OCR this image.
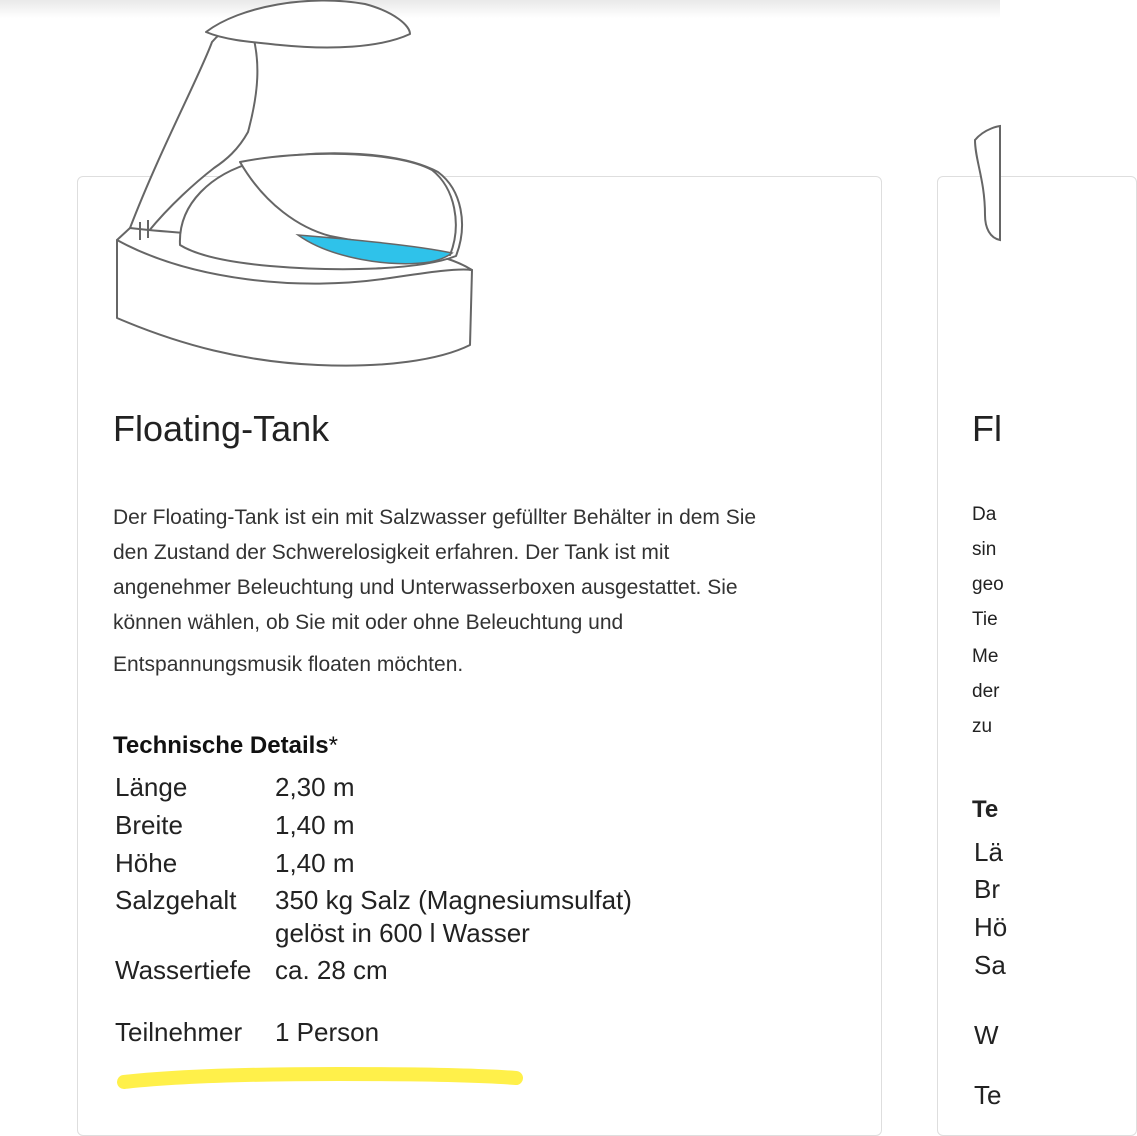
Floating-Tank

Der Floating-Tank ist ein mit Salzwasser gefüllter Behälter in dem Sie

den Zustand der Schwerelosigkeit erfahren. Der Tank ist mit

angenehmer Beleuchtung und Unterwasserboxen ausgestattet. Sie

können wählen, ob Sie mit oder ohne Beleuchtung und

Entspannungsmusik floaten möchten.

Technische Details*
Länge	2,30 m
Breite	1,40 m
Höhe	1,40 m
Salzgehalt 350 kg Salz (Magnesiumsulfat)
gelöst in 600 l Wasser
Wassertiefe ca. 28 cm
Teilnehmer 1 Person
Fl
Da
sin
geo
Tie
Me
der
zu
Te
Lä
Br
Hö
Sa
W
Te
